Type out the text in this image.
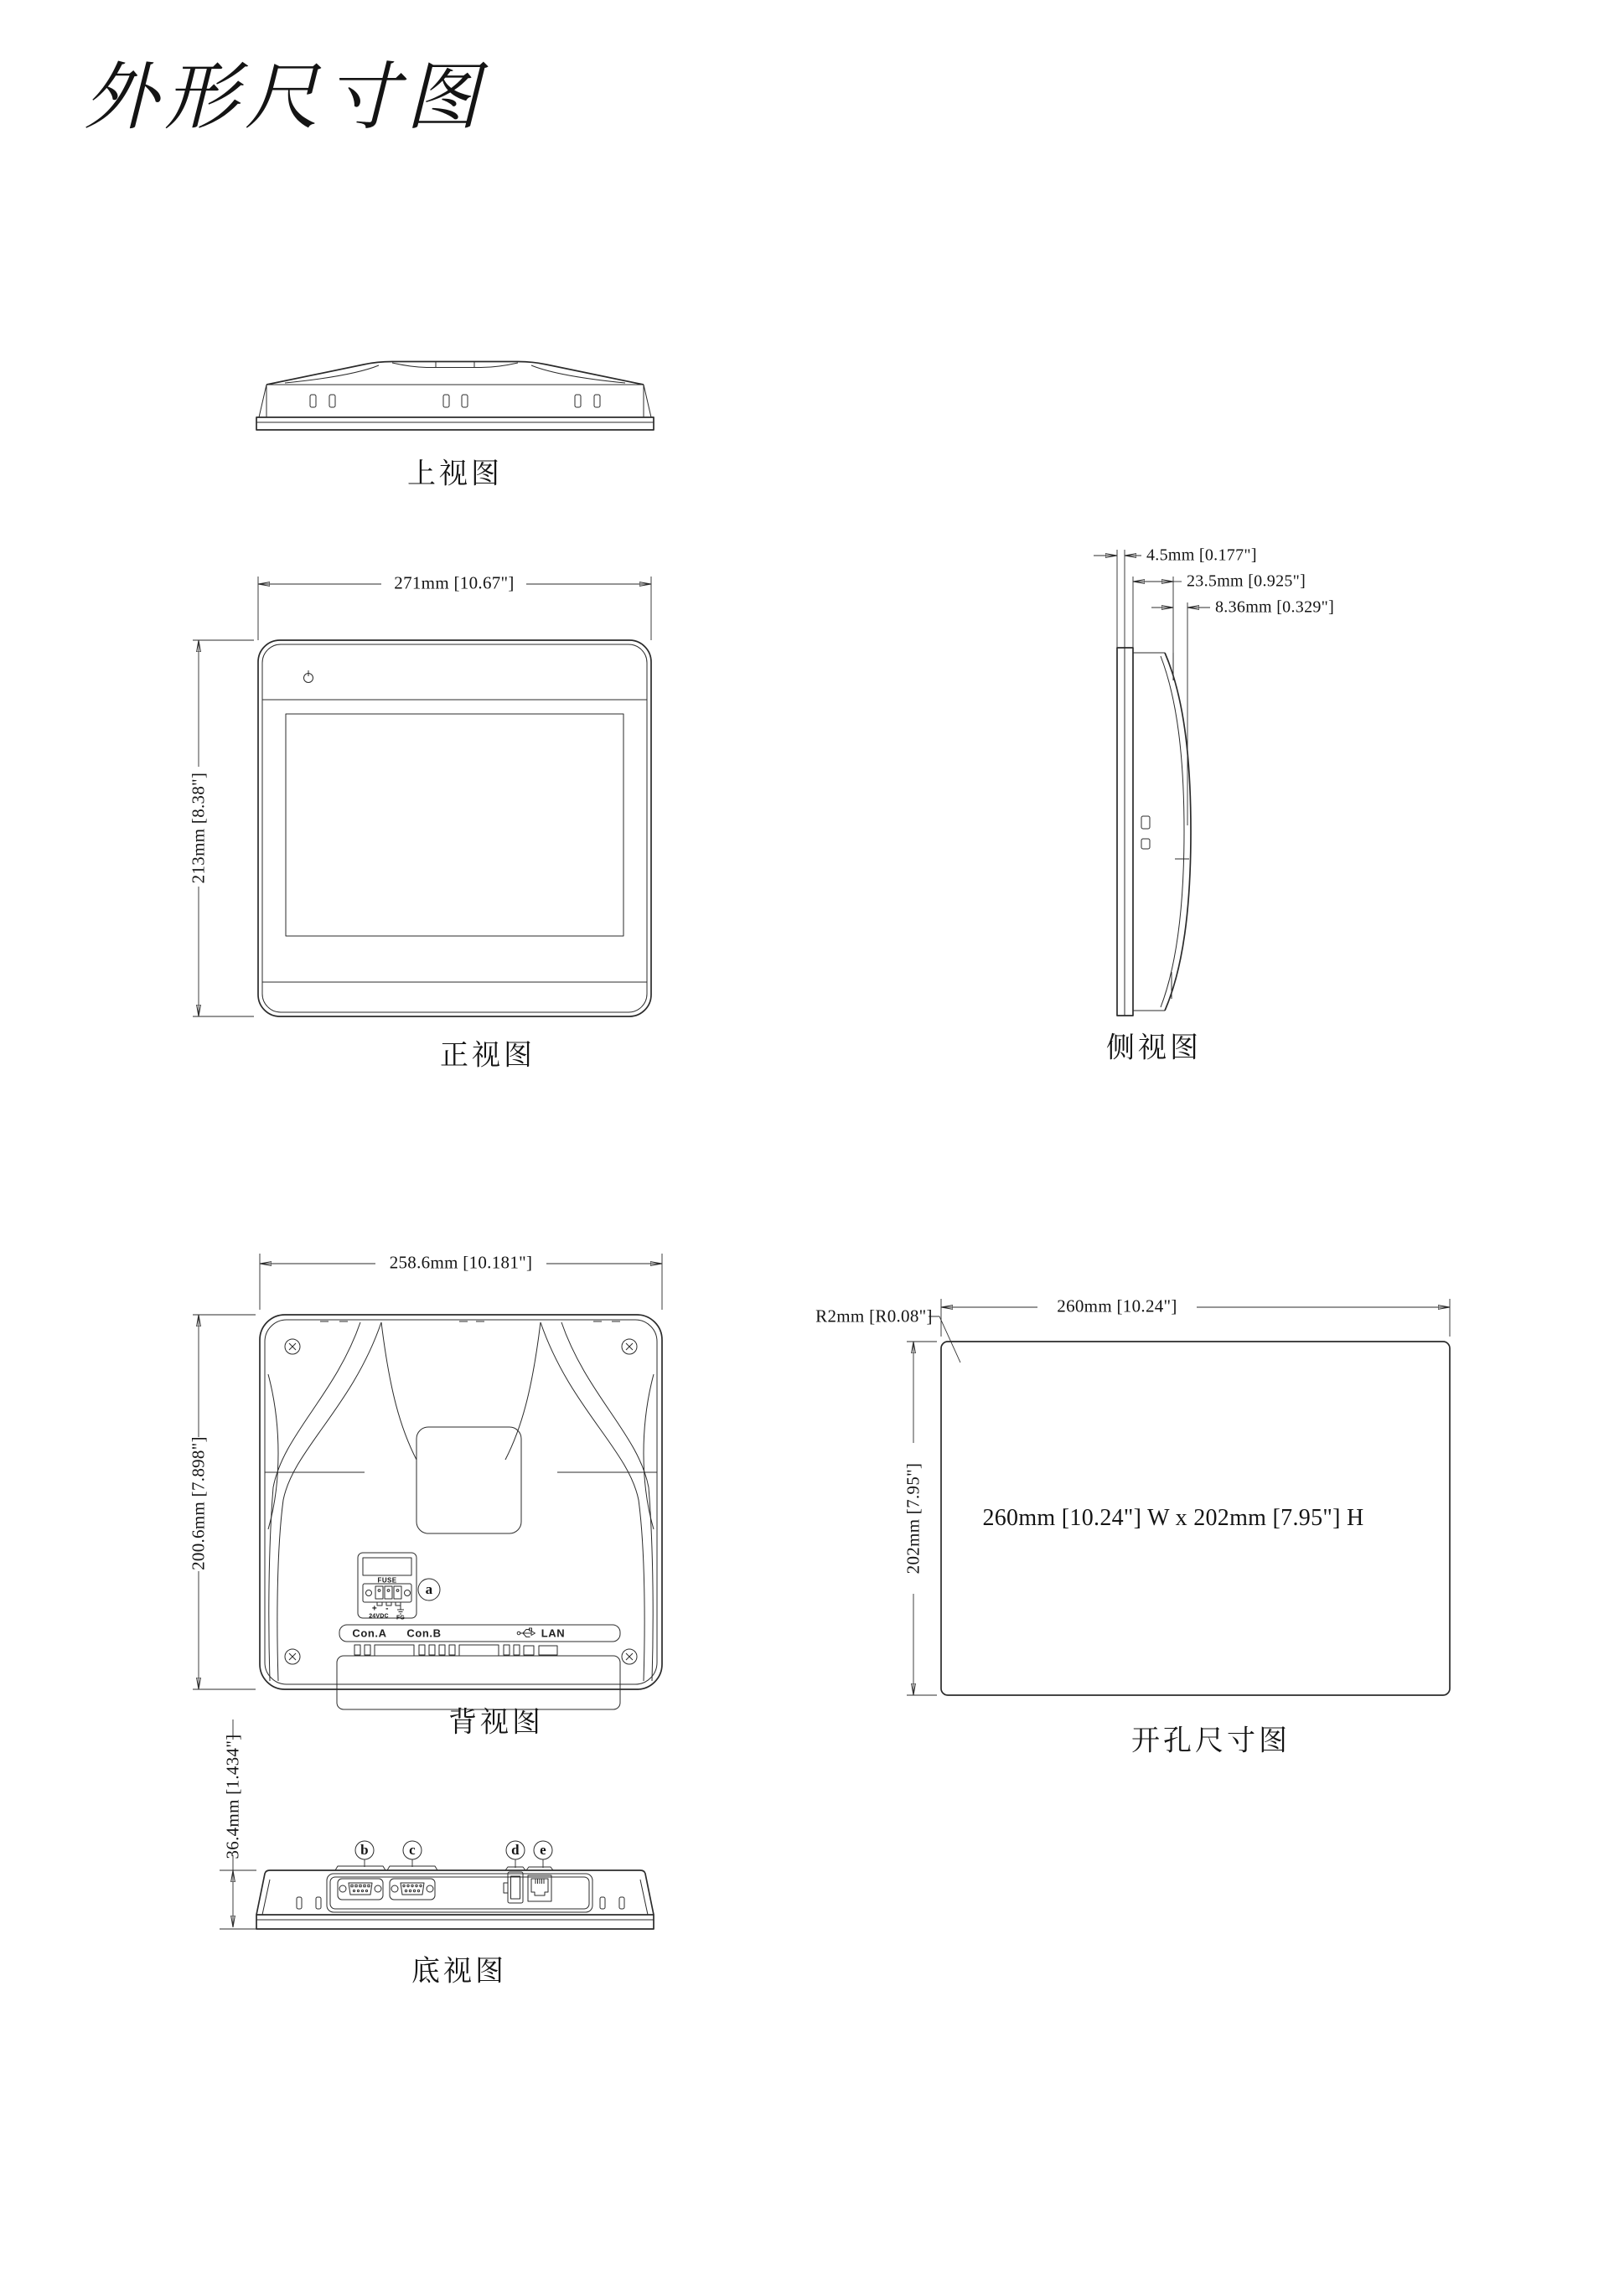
外形尺寸图
上视图
271mm [10.67"]
213mm [8.38"]
正视图
4.5mm [0.177"]
23.5mm [0.925"]
8.36mm [0.329"]
侧视图
258.6mm [10.181"]
200.6mm [7.898"]
背视图
FUSE
+ -
24VDC FG
a
Con.A Con.B	LAN
260mm [10.24"]
R2mm [R0.08"]
202mm [7.95"]	260mm [10.24"] W x 202mm [7.95"] H
开孔尺寸图
36.4mm [1.434"]
底视图
b	c	d e
